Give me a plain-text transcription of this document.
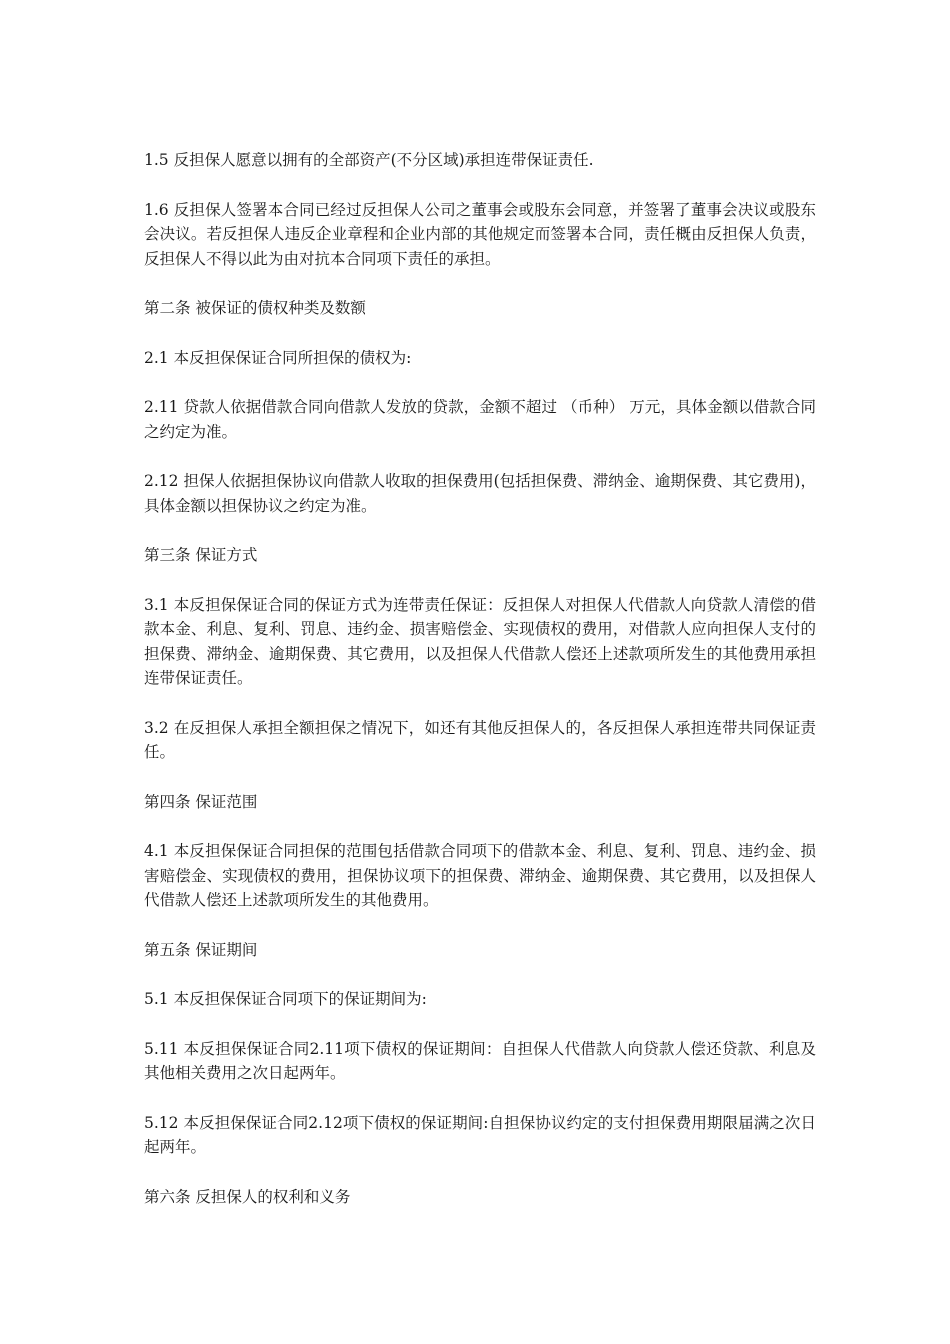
1.5 反担保人愿意以拥有的全部资产(不分区域)承担连带保证责任.

1.6 反担保人签署本合同已经过反担保人公司之董事会或股东会同意，并签署了董事会决议或股东会决议。若反担保人违反企业章程和企业内部的其他规定而签署本合同，责任概由反担保人负责，反担保人不得以此为由对抗本合同项下责任的承担。

第二条 被保证的债权种类及数额

2.1 本反担保保证合同所担保的债权为:

2.11 贷款人依据借款合同向借款人发放的贷款，金额不超过 （币种） 万元，具体金额以借款合同之约定为准。

2.12 担保人依据担保协议向借款人收取的担保费用(包括担保费、滞纳金、逾期保费、其它费用)，具体金额以担保协议之约定为准。

第三条 保证方式

3.1 本反担保保证合同的保证方式为连带责任保证：反担保人对担保人代借款人向贷款人清偿的借款本金、利息、复利、罚息、违约金、损害赔偿金、实现债权的费用，对借款人应向担保人支付的担保费、滞纳金、逾期保费、其它费用，以及担保人代借款人偿还上述款项所发生的其他费用承担连带保证责任。

3.2 在反担保人承担全额担保之情况下，如还有其他反担保人的，各反担保人承担连带共同保证责任。

第四条 保证范围

4.1 本反担保保证合同担保的范围包括借款合同项下的借款本金、利息、复利、罚息、违约金、损害赔偿金、实现债权的费用，担保协议项下的担保费、滞纳金、逾期保费、其它费用，以及担保人代借款人偿还上述款项所发生的其他费用。

第五条 保证期间

5.1 本反担保保证合同项下的保证期间为:

5.11 本反担保保证合同2.11项下债权的保证期间：自担保人代借款人向贷款人偿还贷款、利息及其他相关费用之次日起两年。

5.12 本反担保保证合同2.12项下债权的保证期间:自担保协议约定的支付担保费用期限届满之次日起两年。

第六条 反担保人的权利和义务
